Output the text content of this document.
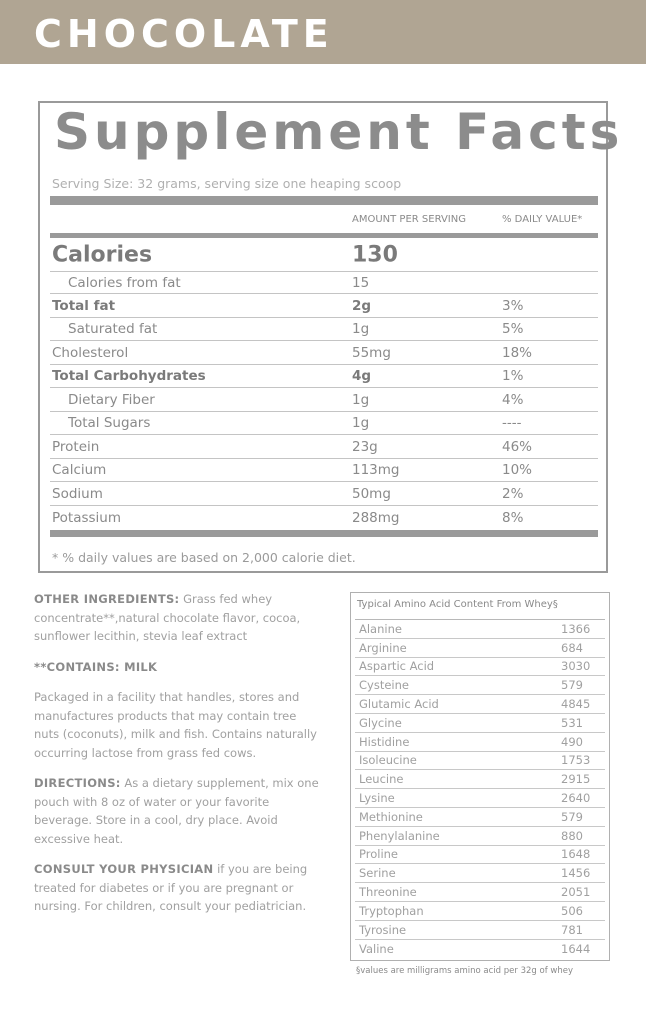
CHOCOLATE
Supplement Facts
Serving Size: 32 grams, serving size one heaping scoop
AMOUNT PER SERVING	% DAILY VALUE*
Calories	130
Calories from fat	15
Total fat	2g	3%
Saturated fat	1g	5%
Cholesterol	55mg	18%
Total Carbohydrates	4g	1%
Dietary Fiber	1g	4%
Total Sugars	1g	----
Protein	23g	46%
Calcium	113mg	10%
Sodium	50mg	2%
Potassium	288mg	8%
* % daily values are based on 2,000 calorie diet.

OTHER INGREDIENTS: Grass fed whey concentrate**,natural chocolate flavor, cocoa, sunflower lecithin, stevia leaf extract

**CONTAINS: MILK

Packaged in a facility that handles, stores and manufactures products that may contain tree nuts (coconuts), milk and fish. Contains naturally occurring lactose from grass fed cows.

DIRECTIONS: As a dietary supplement, mix one pouch with 8 oz of water or your favorite beverage. Store in a cool, dry place. Avoid excessive heat.

CONSULT YOUR PHYSICIAN if you are being treated for diabetes or if you are pregnant or nursing. For children, consult your pediatrician.

Typical Amino Acid Content From Whey§
Alanine	1366
Arginine	684
Aspartic Acid	3030
Cysteine	579
Glutamic Acid	4845
Glycine	531
Histidine	490
Isoleucine	1753
Leucine	2915
Lysine	2640
Methionine	579
Phenylalanine	880
Proline	1648
Serine	1456
Threonine	2051
Tryptophan	506
Tyrosine	781
Valine	1644
§values are milligrams amino acid per 32g of whey
